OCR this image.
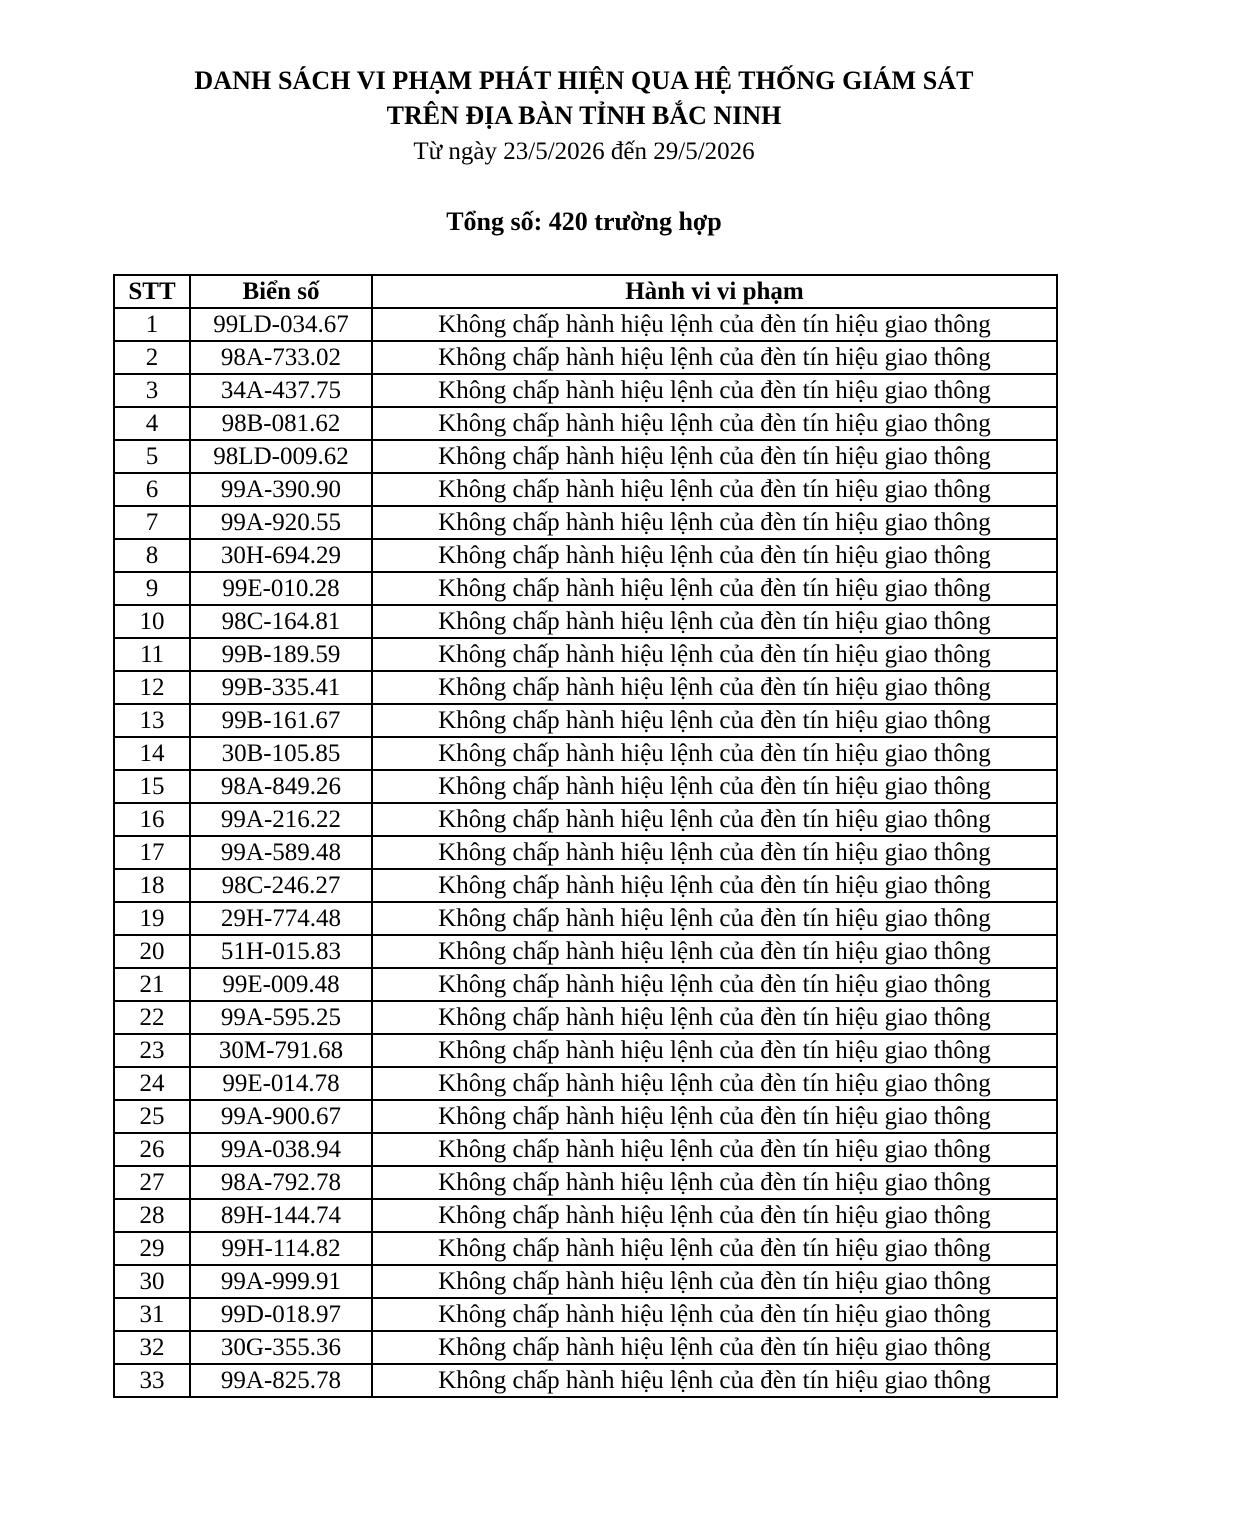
DANH SÁCH VI PHẠM PHÁT HIỆN QUA HỆ THỐNG GIÁM SÁT
TRÊN ĐỊA BÀN TỈNH BẮC NINH

Từ ngày 23/5/2026 đến 29/5/2026

Tổng số: 420 trường hợp

STT	Biển số	Hành vi vi phạm
1	99LD-034.67	Không chấp hành hiệu lệnh của đèn tín hiệu giao thông
2	98A-733.02	Không chấp hành hiệu lệnh của đèn tín hiệu giao thông
3	34A-437.75	Không chấp hành hiệu lệnh của đèn tín hiệu giao thông
4	98B-081.62	Không chấp hành hiệu lệnh của đèn tín hiệu giao thông
5	98LD-009.62	Không chấp hành hiệu lệnh của đèn tín hiệu giao thông
6	99A-390.90	Không chấp hành hiệu lệnh của đèn tín hiệu giao thông
7	99A-920.55	Không chấp hành hiệu lệnh của đèn tín hiệu giao thông
8	30H-694.29	Không chấp hành hiệu lệnh của đèn tín hiệu giao thông
9	99E-010.28	Không chấp hành hiệu lệnh của đèn tín hiệu giao thông
10	98C-164.81	Không chấp hành hiệu lệnh của đèn tín hiệu giao thông
11	99B-189.59	Không chấp hành hiệu lệnh của đèn tín hiệu giao thông
12	99B-335.41	Không chấp hành hiệu lệnh của đèn tín hiệu giao thông
13	99B-161.67	Không chấp hành hiệu lệnh của đèn tín hiệu giao thông
14	30B-105.85	Không chấp hành hiệu lệnh của đèn tín hiệu giao thông
15	98A-849.26	Không chấp hành hiệu lệnh của đèn tín hiệu giao thông
16	99A-216.22	Không chấp hành hiệu lệnh của đèn tín hiệu giao thông
17	99A-589.48	Không chấp hành hiệu lệnh của đèn tín hiệu giao thông
18	98C-246.27	Không chấp hành hiệu lệnh của đèn tín hiệu giao thông
19	29H-774.48	Không chấp hành hiệu lệnh của đèn tín hiệu giao thông
20	51H-015.83	Không chấp hành hiệu lệnh của đèn tín hiệu giao thông
21	99E-009.48	Không chấp hành hiệu lệnh của đèn tín hiệu giao thông
22	99A-595.25	Không chấp hành hiệu lệnh của đèn tín hiệu giao thông
23	30M-791.68	Không chấp hành hiệu lệnh của đèn tín hiệu giao thông
24	99E-014.78	Không chấp hành hiệu lệnh của đèn tín hiệu giao thông
25	99A-900.67	Không chấp hành hiệu lệnh của đèn tín hiệu giao thông
26	99A-038.94	Không chấp hành hiệu lệnh của đèn tín hiệu giao thông
27	98A-792.78	Không chấp hành hiệu lệnh của đèn tín hiệu giao thông
28	89H-144.74	Không chấp hành hiệu lệnh của đèn tín hiệu giao thông
29	99H-114.82	Không chấp hành hiệu lệnh của đèn tín hiệu giao thông
30	99A-999.91	Không chấp hành hiệu lệnh của đèn tín hiệu giao thông
31	99D-018.97	Không chấp hành hiệu lệnh của đèn tín hiệu giao thông
32	30G-355.36	Không chấp hành hiệu lệnh của đèn tín hiệu giao thông
33	99A-825.78	Không chấp hành hiệu lệnh của đèn tín hiệu giao thông
